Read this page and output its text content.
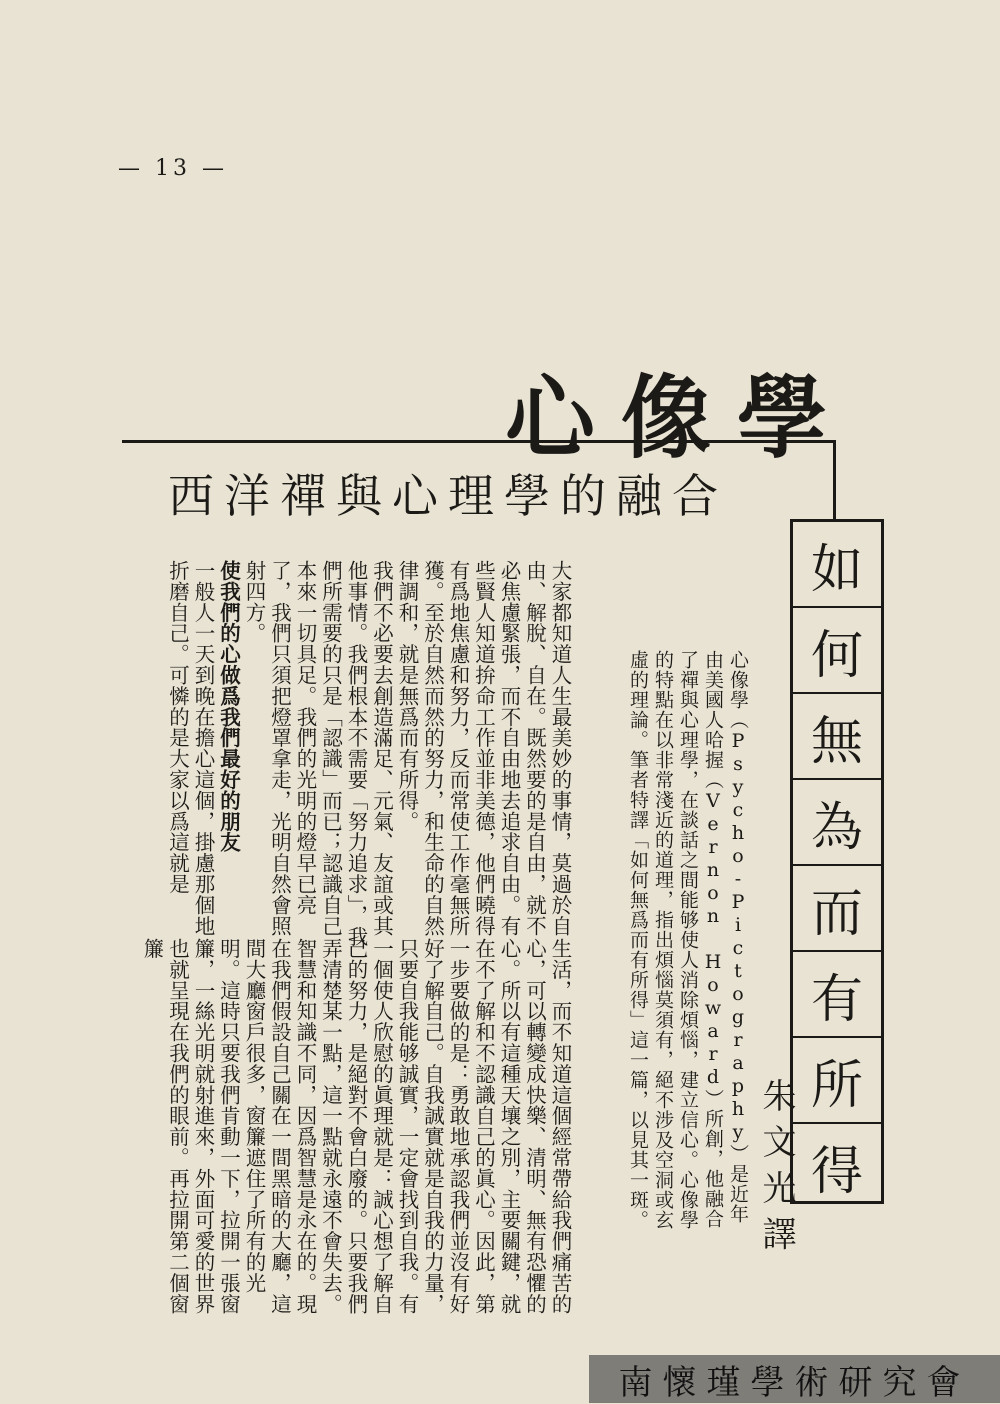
— 13 —
心像學
西洋禪與心理學的融合
如
何
無
為
而
有
所
得
朱文光譯
心像學（Psycho-Pictography）是近年由美國人哈握（Vernon Howard）所創，他融合了禪與心理學，在談話之間能够使人消除煩惱，建立信心。心像學的特點在以非常淺近的道理，指出煩惱莫須有，絕不涉及空洞或玄虛的理論。筆者特譯「如何無爲而有所得」這一篇，以見其一斑。

大家都知道人生最美妙的事情，莫過於自由、解脫、自在。既然要的是自由，就不必焦慮緊張，而不自由地去追求自由。有些賢人知道拚命工作並非美德，他們曉得有爲地焦慮和努力，反而常使工作毫無所獲。至於自然而然的努力，和生命的自然律調和，就是無爲而有所得。

我們不必要去創造滿足、元氣、友誼或其他事情。我們根本不需要「努力追求」，我們所需要的只是「認識」而已；認識自己本來一切具足。我們的光明的燈早已亮了，我們只須把燈罩拿走，光明自然會照射四方。

使我們的心做爲我們最好的朋友

一般人一天到晚在擔心這個，掛慮那個地折磨自己。可憐的是大家以爲這就是

生活，而不知道這個經常帶給我們痛苦的心，可以轉變成快樂、清明、無有恐懼的心。所以有這種天壤之別，主要關鍵，就在不了解和不認識自己的眞心。因此，第一步要做的是：勇敢地承認我們並沒有好好了解自己。自我誠實就是自我的力量，只要自我能够誠實，一定會找到自我。有一個使人欣慰的眞理就是：誠心想了解自己的努力，是絕對不會白廢的。只要我們弄清楚某一點，這一點就永遠不會失去。

智慧和知識不同，因爲智慧是永在的。現在我們假設自己關在一間黑暗的大廳，這間大廳窗戶很多，窗簾遮住了所有的光明。這時只要我們肯動一下，拉開一張窗簾，一絲光明就射進來，外面可愛的世界也就呈現在我們的眼前。再拉開第二個窗簾

南懷瑾學術研究會
